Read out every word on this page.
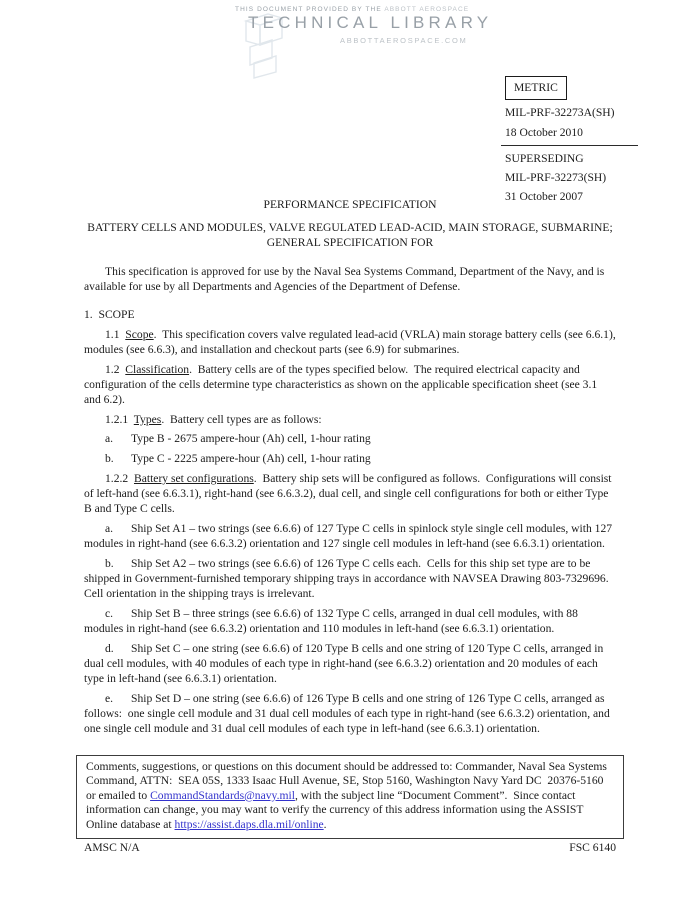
THIS DOCUMENT PROVIDED BY THE ABBOTT AEROSPACE
TECHNICAL LIBRARY
ABBOTTAEROSPACE.COM
METRIC
MIL-PRF-32273A(SH)
18 October 2010
SUPERSEDING
MIL-PRF-32273(SH)
31 October 2007

PERFORMANCE SPECIFICATION

BATTERY CELLS AND MODULES, VALVE REGULATED LEAD-ACID, MAIN STORAGE, SUBMARINE;
GENERAL SPECIFICATION FOR

This specification is approved for use by the Naval Sea Systems Command, Department of the Navy, and is available for use by all Departments and Agencies of the Department of Defense.

1.  SCOPE

1.1  Scope.  This specification covers valve regulated lead-acid (VRLA) main storage battery cells (see 6.6.1), modules (see 6.6.3), and installation and checkout parts (see 6.9) for submarines.

1.2  Classification.  Battery cells are of the types specified below.  The required electrical capacity and configuration of the cells determine type characteristics as shown on the applicable specification sheet (see 3.1 and 6.2).

1.2.1  Types.  Battery cell types are as follows:

a. Type B - 2675 ampere-hour (Ah) cell, 1-hour rating

b. Type C - 2225 ampere-hour (Ah) cell, 1-hour rating

1.2.2  Battery set configurations.  Battery ship sets will be configured as follows.  Configurations will consist of left-hand (see 6.6.3.1), right-hand (see 6.6.3.2), dual cell, and single cell configurations for both or either Type B and Type C cells.

a. Ship Set A1 – two strings (see 6.6.6) of 127 Type C cells in spinlock style single cell modules, with 127 modules in right-hand (see 6.6.3.2) orientation and 127 single cell modules in left-hand (see 6.6.3.1) orientation.

b. Ship Set A2 – two strings (see 6.6.6) of 126 Type C cells each.  Cells for this ship set type are to be shipped in Government-furnished temporary shipping trays in accordance with NAVSEA Drawing 803-7329696.  Cell orientation in the shipping trays is irrelevant.

c. Ship Set B – three strings (see 6.6.6) of 132 Type C cells, arranged in dual cell modules, with 88 modules in right-hand (see 6.6.3.2) orientation and 110 modules in left-hand (see 6.6.3.1) orientation.

d. Ship Set C – one string (see 6.6.6) of 120 Type B cells and one string of 120 Type C cells, arranged in dual cell modules, with 40 modules of each type in right-hand (see 6.6.3.2) orientation and 20 modules of each type in left-hand (see 6.6.3.1) orientation.

e. Ship Set D – one string (see 6.6.6) of 126 Type B cells and one string of 126 Type C cells, arranged as follows:  one single cell module and 31 dual cell modules of each type in right-hand (see 6.6.3.2) orientation, and one single cell module and 31 dual cell modules of each type in left-hand (see 6.6.3.1) orientation.

Comments, suggestions, or questions on this document should be addressed to: Commander, Naval Sea Systems Command, ATTN:  SEA 05S, 1333 Isaac Hull Avenue, SE, Stop 5160, Washington Navy Yard DC  20376-5160 or emailed to CommandStandards@navy.mil, with the subject line “Document Comment”.  Since contact information can change, you may want to verify the currency of this address information using the ASSIST Online database at https://assist.daps.dla.mil/online.

AMSC N/A	FSC 6140
